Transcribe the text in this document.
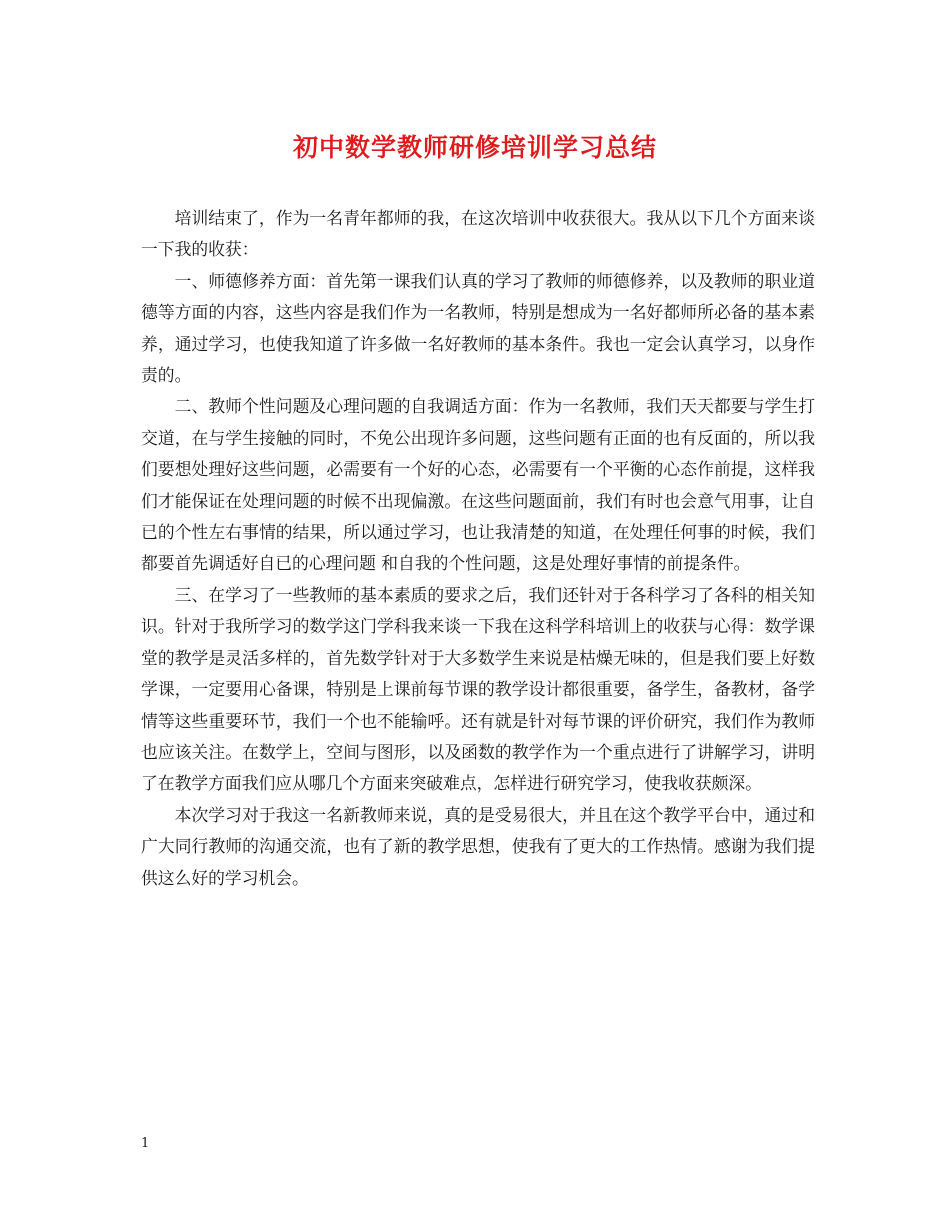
初中数学教师研修培训学习总结

培训结束了，作为一名青年都师的我，在这次培训中收获很大。我从以下几个方面来谈一下我的收获：

一、师德修养方面：首先第一课我们认真的学习了教师的师德修养，以及教师的职业道德等方面的内容，这些内容是我们作为一名教师，特别是想成为一名好都师所必备的基本素养，通过学习，也使我知道了许多做一名好教师的基本条件。我也一定会认真学习，以身作责的。

二、教师个性问题及心理问题的自我调适方面：作为一名教师，我们天天都要与学生打交道，在与学生接触的同时，不免公出现许多问题，这些问题有正面的也有反面的，所以我们要想处理好这些问题，必需要有一个好的心态，必需要有一个平衡的心态作前提，这样我们才能保证在处理问题的时候不出现偏激。在这些问题面前，我们有时也会意气用事，让自已的个性左右事情的结果，所以通过学习，也让我清楚的知道，在处理任何事的时候，我们都要首先调适好自已的心理问题 和自我的个性问题，这是处理好事情的前提条件。

三、在学习了一些教师的基本素质的要求之后，我们还针对于各科学习了各科的相关知识。针对于我所学习的数学这门学科我来谈一下我在这科学科培训上的收获与心得：数学课堂的教学是灵活多样的，首先数学针对于大多数学生来说是枯燥无味的，但是我们要上好数学课，一定要用心备课，特别是上课前每节课的教学设计都很重要，备学生，备教材，备学情等这些重要环节，我们一个也不能输呼。还有就是针对每节课的评价研究，我们作为教师也应该关注。在数学上，空间与图形，以及函数的教学作为一个重点进行了讲解学习，讲明了在教学方面我们应从哪几个方面来突破难点，怎样进行研究学习，使我收获颇深。

本次学习对于我这一名新教师来说，真的是受易很大，并且在这个教学平台中，通过和广大同行教师的沟通交流，也有了新的教学思想，使我有了更大的工作热情。感谢为我们提供这么好的学习机会。

1
